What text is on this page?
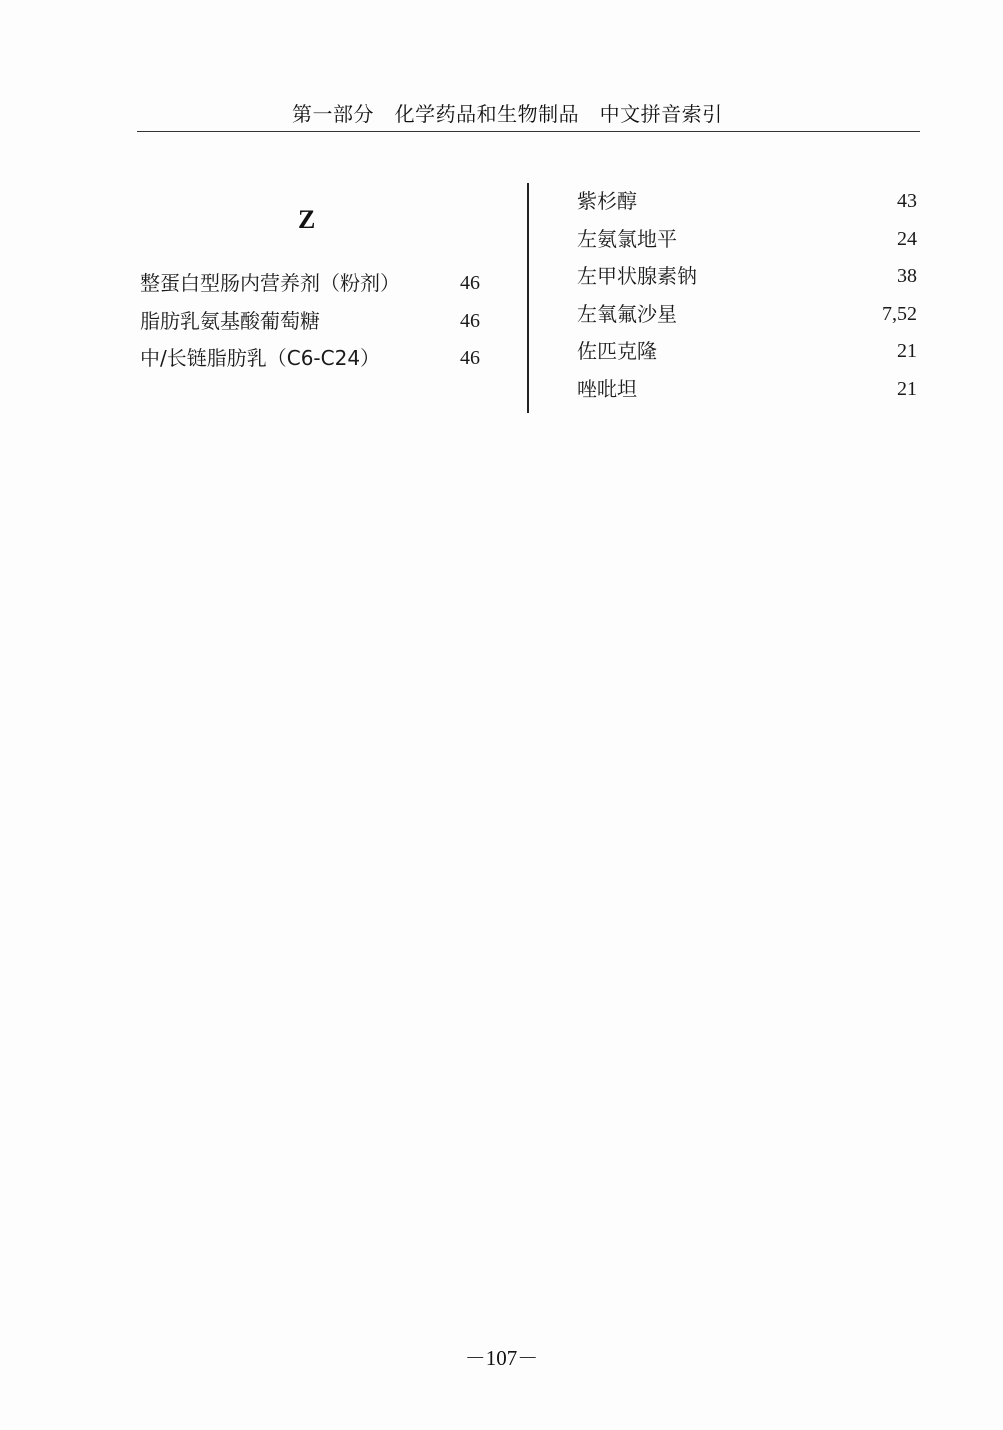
第一部分   化学药品和生物制品   中文拼音索引
Z
整蛋白型肠内营养剂（粉剂）	46
脂肪乳氨基酸葡萄糖	46
中/长链脂肪乳（C6-C24）	46
紫杉醇	43
左氨氯地平	24
左甲状腺素钠	38
左氧氟沙星	7,52
佐匹克隆	21
唑吡坦	21
－107－
